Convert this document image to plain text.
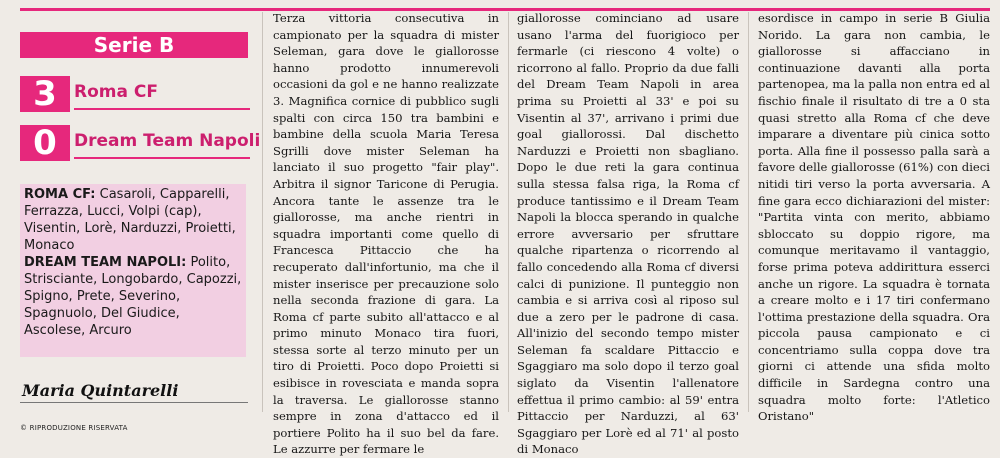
Serie B
3	Roma CF
0	Dream Team Napoli

ROMA CF: Casaroli, Capparelli, Ferrazza, Lucci, Volpi (cap), Visentin, Lorè, Narduzzi, Proietti, Monaco

DREAM TEAM NAPOLI: Polito, Strisciante, Longobardo, Capozzi, Spigno, Prete, Severino, Spagnuolo, Del Giudice, Ascolese, Arcuro

Maria Quintarelli
© RIPRODUZIONE RISERVATA

Terza vittoria consecutiva in campionato per la squadra di mister Seleman, gara dove le giallorosse hanno prodotto innumerevoli occasioni da gol e ne hanno realizzate 3. Magnifica cornice di pubblico sugli spalti con circa 150 tra bambini e bambine della scuola Maria Teresa Sgrilli dove mister Seleman ha lanciato il suo progetto "fair play". Arbitra il signor Taricone di Perugia. Ancora tante le assenze tra le giallorosse, ma anche rientri in squadra importanti come quello di Francesca Pittaccio che ha recuperato dall'infortunio, ma che il mister inserisce per precauzione solo nella seconda frazione di gara. La Roma cf parte subito all'attacco e al primo minuto Monaco tira fuori, stessa sorte al terzo minuto per un tiro di Proietti. Poco dopo Proietti si esibisce in rovesciata e manda sopra la traversa. Le giallorosse stanno sempre in zona d'attacco ed il portiere Polito ha il suo bel da fare. Le azzurre per fermare le

giallorosse cominciano ad usare usano l'arma del fuorigioco per fermarle (ci riescono 4 volte) o ricorrono al fallo. Proprio da due falli del Dream Team Napoli in area prima su Proietti al 33' e poi su Visentin al 37', arrivano i primi due goal giallorossi. Dal dischetto Narduzzi e Proietti non sbagliano. Dopo le due reti la gara continua sulla stessa falsa riga, la Roma cf produce tantissimo e il Dream Team Napoli la blocca sperando in qualche errore avversario per sfruttare qualche ripartenza o ricorrendo al fallo concedendo alla Roma cf diversi calci di punizione. Il punteggio non cambia e si arriva così al riposo sul due a zero per le padrone di casa. All'inizio del secondo tempo mister Seleman fa scaldare Pittaccio e Sgaggiaro ma solo dopo il terzo goal siglato da Visentin l'allenatore effettua il primo cambio: al 59' entra Pittaccio per Narduzzi, al 63' Sgaggiaro per Lorè ed al 71' al posto di Monaco

esordisce in campo in serie B Giulia Norido. La gara non cambia, le giallorosse si affacciano in continuazione davanti alla porta partenopea, ma la palla non entra ed al fischio finale il risultato di tre a 0 sta quasi stretto alla Roma cf che deve imparare a diventare più cinica sotto porta. Alla fine il possesso palla sarà a favore delle giallorosse (61%) con dieci nitidi tiri verso la porta avversaria. A fine gara ecco dichiarazioni del mister: "Partita vinta con merito, abbiamo sbloccato su doppio rigore, ma comunque meritavamo il vantaggio, forse prima poteva addirittura esserci anche un rigore. La squadra è tornata a creare molto e i 17 tiri confermano l'ottima prestazione della squadra. Ora piccola pausa campionato e ci concentriamo sulla coppa dove tra giorni ci attende una sfida molto difficile in Sardegna contro una squadra molto forte: l'Atletico Oristano"
